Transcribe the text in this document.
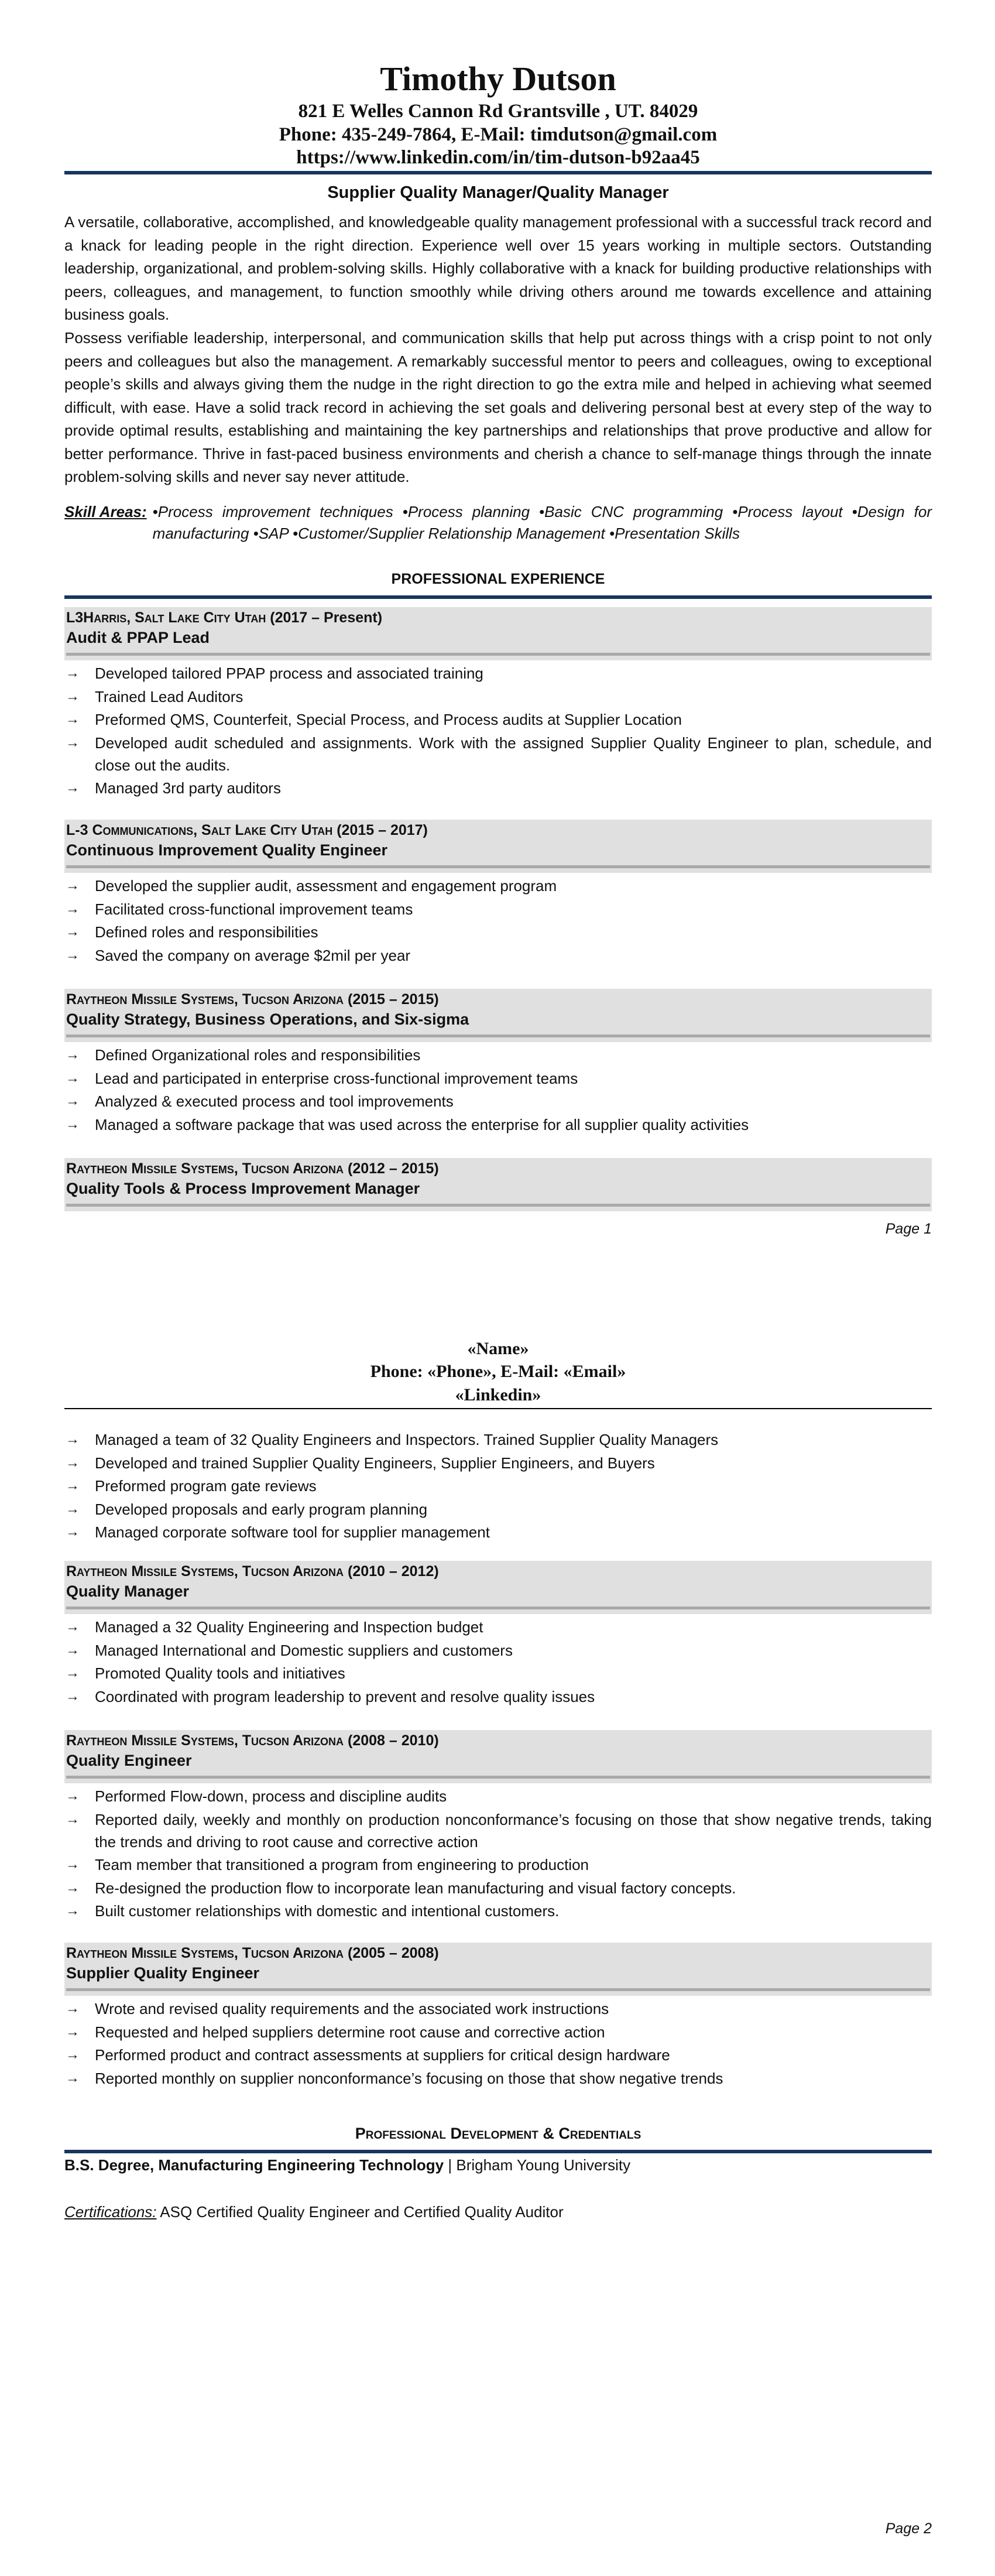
Timothy Dutson
821 E Welles Cannon Rd Grantsville , UT. 84029
Phone: 435-249-7864, E-Mail: timdutson@gmail.com
https://www.linkedin.com/in/tim-dutson-b92aa45
Supplier Quality Manager/Quality Manager

A versatile, collaborative, accomplished, and knowledgeable quality management professional with a successful track record and a knack for leading people in the right direction. Experience well over 15 years working in multiple sectors. Outstanding leadership, organizational, and problem-solving skills. Highly collaborative with a knack for building productive relationships with peers, colleagues, and management, to function smoothly while driving others around me towards excellence and attaining business goals.

Possess verifiable leadership, interpersonal, and communication skills that help put across things with a crisp point to not only peers and colleagues but also the management. A remarkably successful mentor to peers and colleagues, owing to exceptional people’s skills and always giving them the nudge in the right direction to go the extra mile and helped in achieving what seemed difficult, with ease. Have a solid track record in achieving the set goals and delivering personal best at every step of the way to provide optimal results, establishing and maintaining the key partnerships and relationships that prove productive and allow for better performance. Thrive in fast-paced business environments and cherish a chance to self-manage things through the innate problem-solving skills and never say never attitude.

Skill Areas: •Process improvement techniques •Process planning •Basic CNC programming •Process layout •Design for manufacturing •SAP •Customer/Supplier Relationship Management •Presentation Skills
PROFESSIONAL EXPERIENCE
L3Harris, Salt Lake City Utah (2017 – Present)
Audit & PPAP Lead
→ Developed tailored PPAP process and associated training
→ Trained Lead Auditors
→ Preformed QMS, Counterfeit, Special Process, and Process audits at Supplier Location
→ Developed audit scheduled and assignments. Work with the assigned Supplier Quality Engineer to plan, schedule, and close out the audits.
→ Managed 3rd party auditors
L-3 Communications, Salt Lake City Utah (2015 – 2017)
Continuous Improvement Quality Engineer
→ Developed the supplier audit, assessment and engagement program
→ Facilitated cross-functional improvement teams
→ Defined roles and responsibilities
→ Saved the company on average $2mil per year
Raytheon Missile Systems, Tucson Arizona (2015 – 2015)
Quality Strategy, Business Operations, and Six-sigma
→ Defined Organizational roles and responsibilities
→ Lead and participated in enterprise cross-functional improvement teams
→ Analyzed & executed process and tool improvements
→ Managed a software package that was used across the enterprise for all supplier quality activities
Raytheon Missile Systems, Tucson Arizona (2012 – 2015)
Quality Tools & Process Improvement Manager
Page 1
«Name»
Phone: «Phone», E-Mail: «Email»
«Linkedin»
→ Managed a team of 32 Quality Engineers and Inspectors. Trained Supplier Quality Managers
→ Developed and trained Supplier Quality Engineers, Supplier Engineers, and Buyers
→ Preformed program gate reviews
→ Developed proposals and early program planning
→ Managed corporate software tool for supplier management
Raytheon Missile Systems, Tucson Arizona (2010 – 2012)
Quality Manager
→ Managed a 32 Quality Engineering and Inspection budget
→ Managed International and Domestic suppliers and customers
→ Promoted Quality tools and initiatives
→ Coordinated with program leadership to prevent and resolve quality issues
Raytheon Missile Systems, Tucson Arizona (2008 – 2010)
Quality Engineer
→ Performed Flow-down, process and discipline audits
→ Reported daily, weekly and monthly on production nonconformance’s focusing on those that show negative trends, taking the trends and driving to root cause and corrective action
→ Team member that transitioned a program from engineering to production
→ Re-designed the production flow to incorporate lean manufacturing and visual factory concepts.
→ Built customer relationships with domestic and intentional customers.
Raytheon Missile Systems, Tucson Arizona (2005 – 2008)
Supplier Quality Engineer
→ Wrote and revised quality requirements and the associated work instructions
→ Requested and helped suppliers determine root cause and corrective action
→ Performed product and contract assessments at suppliers for critical design hardware
→ Reported monthly on supplier nonconformance’s focusing on those that show negative trends
Professional Development & Credentials
B.S. Degree, Manufacturing Engineering Technology | Brigham Young University
Certifications: ASQ Certified Quality Engineer and Certified Quality Auditor
Page 2
